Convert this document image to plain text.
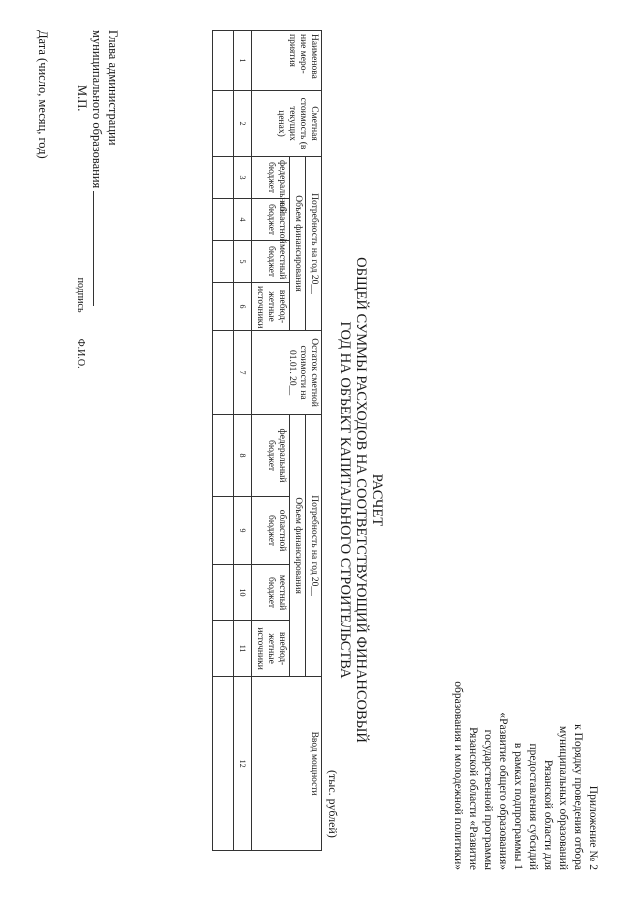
Приложение № 2
к Порядку проведения отбора
муниципальных образований
Рязанской области для
предоставления субсидий
в рамках подпрограммы 1
«Развитие общего образования»
государственной программы
Рязанской области «Развитие
образования и молодежной политики»
РАСЧЕТ
ОБЩЕЙ СУММЫ РАСХОДОВ НА СООТВЕТСТВУЮЩИЙ ФИНАНСОВЫЙ
ГОД НА ОБЪЕКТ КАПИТАЛЬНОГО СТРОИТЕЛЬСТВА
(тыс. рублей)
Наименова ние меро-приятия	Сметная стоимость (в текущих ценах)	Потребность на год 20__				Остаток сметной стоимости на 01.01. 20__	Потребность на год 20__				Ввод мощности
		Объем финансирования					Объем финансирования				
		федеральный бюджет	областной бюджет	местный бюджет	внебюд-жетные источники		федеральный бюджет	областной бюджет	местный бюджет	внебюд-жетные источники	
1	2	3	4	5	6	7	8	9	10	11	12

Глава администрации
муниципального образования
М.П.  подпись  Ф.И.О.
Дата (число, месяц, год)
